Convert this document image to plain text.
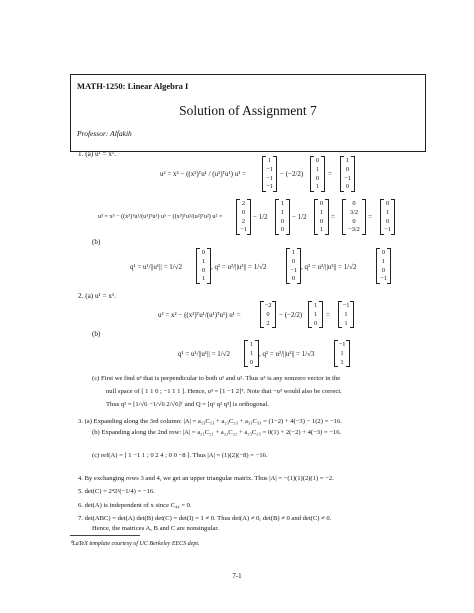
MATH-1250: Linear Algebra I
Solution of Assignment 7
Professor: Alfakih
1. (a) u¹ = x¹.
u² = x² − ((x²)ᵀu¹ / (u¹)ᵀu¹) u¹ =
1
−1
−1
−1
− (−2/2)
0
1
0
1
=
1
0
−1
0
u³ = x³ − ((x³)ᵀu¹/(u¹)ᵀu¹) u¹ − ((x³)ᵀu²/(u²)ᵀu²) u² =
2
0
2
−1
− 1/2
1
1
0
0
− 1/2
0
1
0
1
=
0
3/2
0
−3/2
=
0
1
0
−1
(b)
q¹ = u¹/||u¹|| = 1/√2
0
1
0
1
, q² = u²/||u²|| = 1/√2
1
0
−1
0
, q³ = u³/||u³|| = 1/√2
0
1
0
−1
2. (a) u¹ = x¹.
u² = x² − ((x²)ᵀu¹/(u¹)ᵀu¹) u¹ =
−2
0
2
− (−2/2)
1
1
0
=
−1
1
1
(b)
q¹ = u¹/||u¹|| = 1/√2
1
1
0
, q² = u²/||u²|| = 1/√3
−1
1
1
(c) First we find u³ that is perpendicular to both u¹ and u². Thus u³ is any nonzero vector in the
null space of [ 1 1 0 ; −1 1 1 ]. Hence, u³ = [1 −1 2]ᵀ. Note that −u³ would also be correct.
Thus q³ = [1/√6 −1/√6 2/√6]ᵀ and Q = [q¹ q² q³] is orthogonal.
3. (a) Expanding along the 3rd column: |A| = a₁₃C₁₃ + a₂₃C₂₃ + a₃₃C₃₃ = (1−2) + 4(−3) − 1(2) = −16.
(b) Expanding along the 2nd row: |A| = a₂₁C₂₁ + a₂₂C₂₂ + a₂₃C₂₃ = 0(1) + 2(−2) + 4(−3) = −16.
(c) ref(A) = [ 1 −1 1 ; 0 2 4 ; 0 0 −8 ]. Thus |A| = (1)(2)(−8) = −16.
4. By exchanging rows 3 and 4, we get an upper triangular matrix. Thus |A| = −(1)(1)(2)(1) = −2.
5. det(C) = 2⁴2²(−1/4) = −16.
6. det(A) is independent of x since C₄₄ = 0.
7. det(ABC) = det(A) det(B) det(C) = det(I) = 1 ≠ 0. Thus det(A) ≠ 0, det(B) ≠ 0 and det(C) ≠ 0.
Hence, the matrices A, B and C are nonsingular.
⁰LaTeX template courtesy of UC Berkeley EECS dept.
7-1
